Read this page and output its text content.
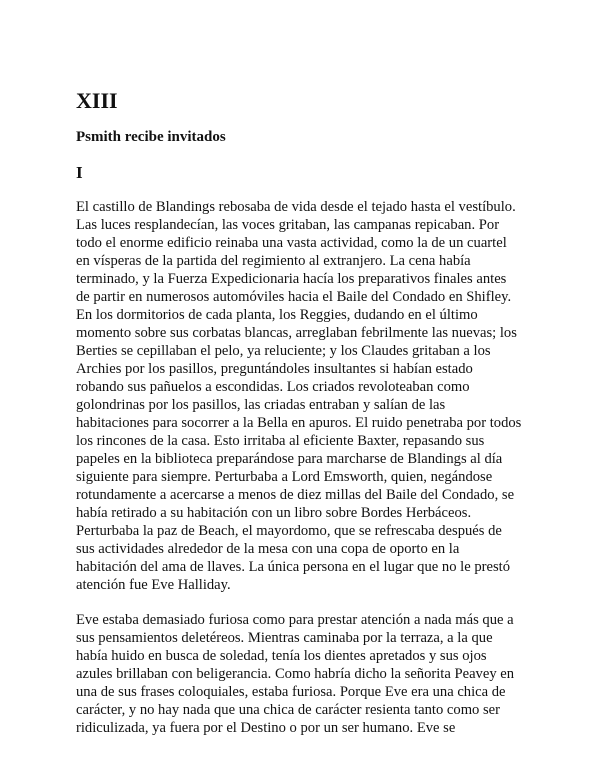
XIII
Psmith recibe invitados
I
El castillo de Blandings rebosaba de vida desde el tejado hasta el vestíbulo.
Las luces resplandecían, las voces gritaban, las campanas repicaban. Por
todo el enorme edificio reinaba una vasta actividad, como la de un cuartel
en vísperas de la partida del regimiento al extranjero. La cena había
terminado, y la Fuerza Expedicionaria hacía los preparativos finales antes
de partir en numerosos automóviles hacia el Baile del Condado en Shifley.
En los dormitorios de cada planta, los Reggies, dudando en el último
momento sobre sus corbatas blancas, arreglaban febrilmente las nuevas; los
Berties se cepillaban el pelo, ya reluciente; y los Claudes gritaban a los
Archies por los pasillos, preguntándoles insultantes si habían estado
robando sus pañuelos a escondidas. Los criados revoloteaban como
golondrinas por los pasillos, las criadas entraban y salían de las
habitaciones para socorrer a la Bella en apuros. El ruido penetraba por todos
los rincones de la casa. Esto irritaba al eficiente Baxter, repasando sus
papeles en la biblioteca preparándose para marcharse de Blandings al día
siguiente para siempre. Perturbaba a Lord Emsworth, quien, negándose
rotundamente a acercarse a menos de diez millas del Baile del Condado, se
había retirado a su habitación con un libro sobre Bordes Herbáceos.
Perturbaba la paz de Beach, el mayordomo, que se refrescaba después de
sus actividades alrededor de la mesa con una copa de oporto en la
habitación del ama de llaves. La única persona en el lugar que no le prestó
atención fue Eve Halliday.
Eve estaba demasiado furiosa como para prestar atención a nada más que a
sus pensamientos deletéreos. Mientras caminaba por la terraza, a la que
había huido en busca de soledad, tenía los dientes apretados y sus ojos
azules brillaban con beligerancia. Como habría dicho la señorita Peavey en
una de sus frases coloquiales, estaba furiosa. Porque Eve era una chica de
carácter, y no hay nada que una chica de carácter resienta tanto como ser
ridiculizada, ya fuera por el Destino o por un ser humano. Eve se
